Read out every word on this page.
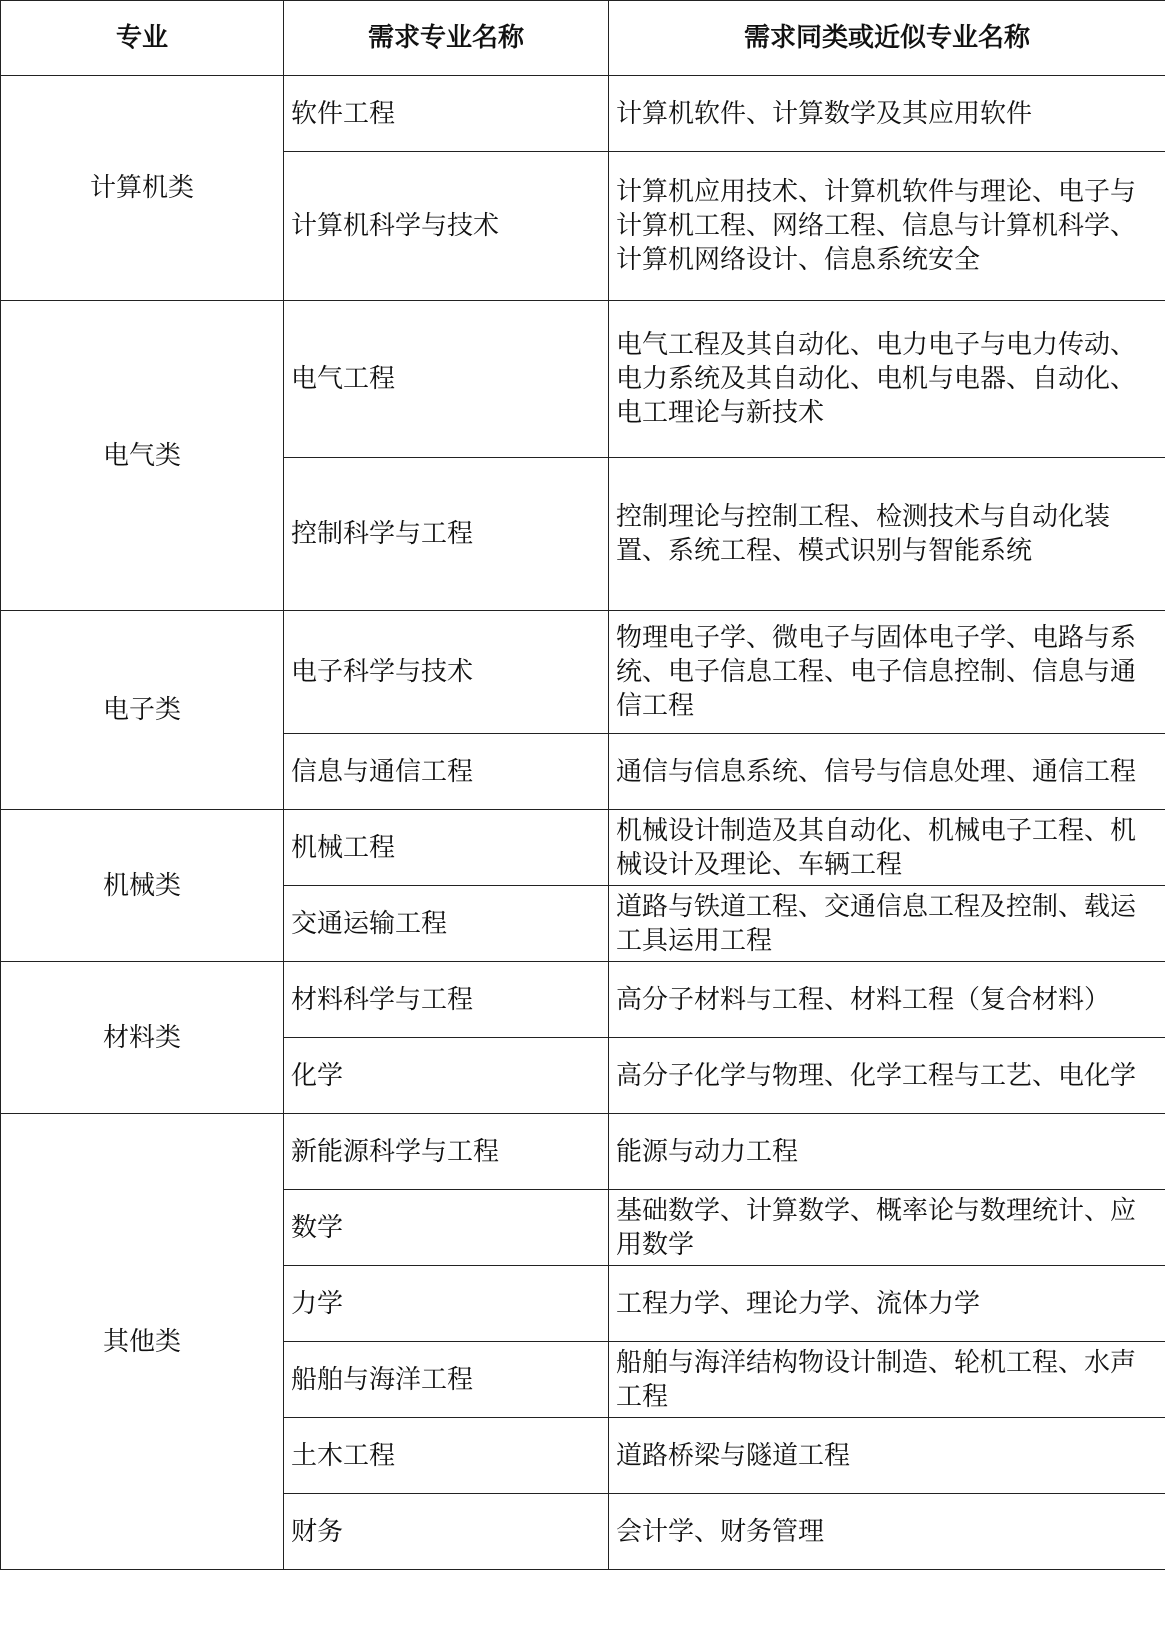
专业	需求专业名称	需求同类或近似专业名称
计算机类	软件工程	计算机软件、计算数学及其应用软件
	计算机科学与技术	计算机应用技术、计算机软件与理论、电子与计算机工程、网络工程、信息与计算机科学、计算机网络设计、信息系统安全
电气类	电气工程	电气工程及其自动化、电力电子与电力传动、电力系统及其自动化、电机与电器、自动化、电工理论与新技术
	控制科学与工程	控制理论与控制工程、检测技术与自动化装置、系统工程、模式识别与智能系统
电子类	电子科学与技术	物理电子学、微电子与固体电子学、电路与系统、电子信息工程、电子信息控制、信息与通信工程
	信息与通信工程	通信与信息系统、信号与信息处理、通信工程
机械类	机械工程	机械设计制造及其自动化、机械电子工程、机械设计及理论、车辆工程
	交通运输工程	道路与铁道工程、交通信息工程及控制、载运工具运用工程
材料类	材料科学与工程	高分子材料与工程、材料工程（复合材料）
	化学	高分子化学与物理、化学工程与工艺、电化学
其他类	新能源科学与工程	能源与动力工程
	数学	基础数学、计算数学、概率论与数理统计、应用数学
	力学	工程力学、理论力学、流体力学
	船舶与海洋工程	船舶与海洋结构物设计制造、轮机工程、水声工程
	土木工程	道路桥梁与隧道工程
	财务	会计学、财务管理
